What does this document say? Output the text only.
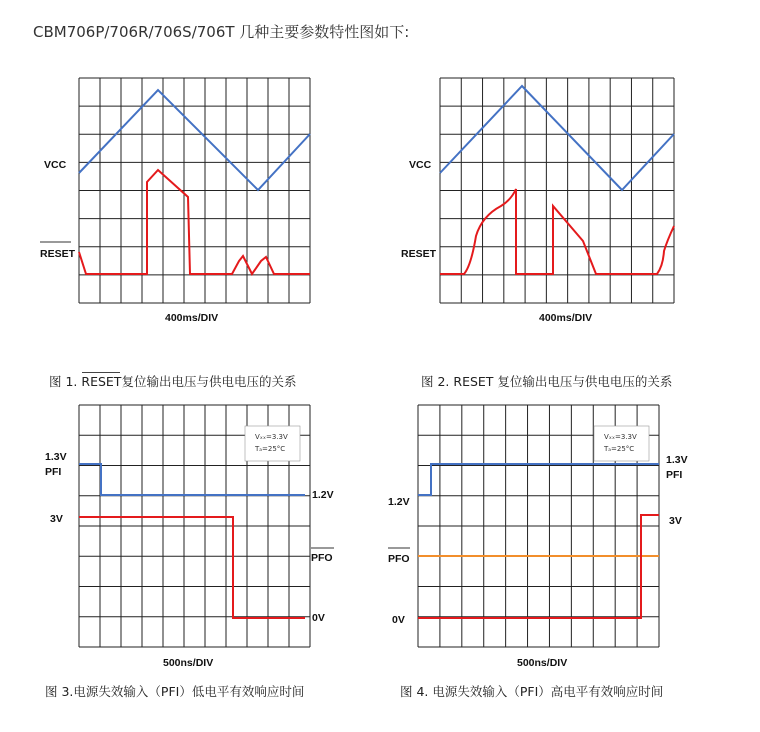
CBM706P/706R/706S/706T 几种主要参数特性图如下:
VCC
RESET
400ms/DIV
图 1. RESET复位输出电压与供电电压的关系
VCC
RESET
400ms/DIV
图 2. RESET 复位输出电压与供电电压的关系
Vₓₓ=3.3V
Tₐ=25°C
1.3V
PFI
3V
1.2V
PFO
0V
500ns/DIV
图 3.电源失效输入（PFI）低电平有效响应时间
Vₓₓ=3.3V
Tₐ=25°C
1.2V
PFO
0V
1.3V
PFI
3V
500ns/DIV
图 4. 电源失效输入（PFI）高电平有效响应时间
